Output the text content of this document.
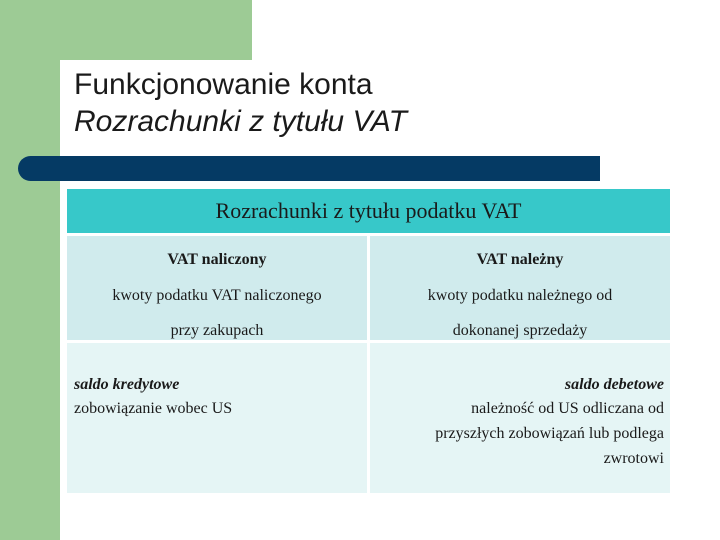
Funkcjonowanie konta
Rozrachunki z tytułu VAT
Rozrachunki z tytułu podatku VAT
VAT naliczony
kwoty podatku VAT naliczonego
przy zakupach
VAT należny
kwoty podatku należnego od
dokonanej sprzedaży
saldo kredytowe
zobowiązanie wobec US
saldo debetowe
należność od US odliczana od
przyszłych zobowiązań lub podlega
zwrotowi
